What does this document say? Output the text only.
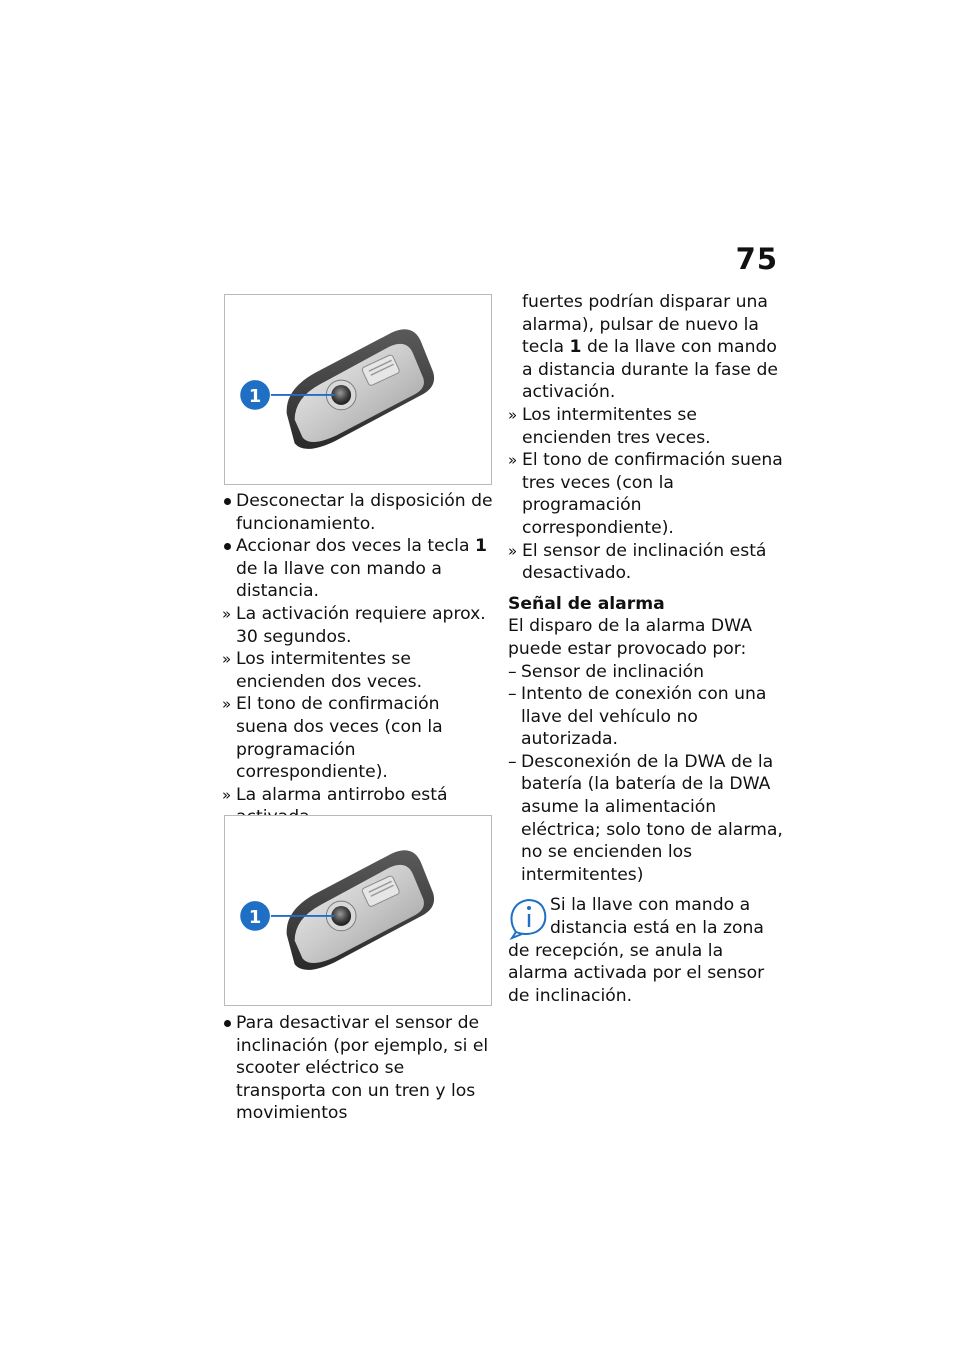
75
1
Desconectar la disposición de funcionamiento.
Accionar dos veces la tecla 1 de la llave con mando a distancia.
» La activación requiere aprox. 30 segundos.
» Los intermitentes se encienden dos veces.
» El tono de confirmación suena dos veces (con la programación correspondiente).
» La alarma antirrobo está
1
Para desactivar el sensor de inclinación (por ejemplo, si el scooter eléctrico se transporta con un tren y los movimientos
fuertes podrían disparar una alarma), pulsar de nuevo la tecla 1 de la llave con mando a distancia durante la fase de activación.
» Los intermitentes se encienden tres veces.
» El tono de confirmación suena tres veces (con la programación correspondiente).
» El sensor de inclinación está desactivado.
Señal de alarma
El disparo de la alarma DWA puede estar provocado por:
– Sensor de inclinación
– Intento de conexión con una llave del vehículo no autorizada.
– Desconexión de la DWA de la batería (la batería de la DWA asume la alimentación eléctrica; solo tono de alarma, no se encienden los intermitentes)
Si la llave con mando a distancia está en la zona de recepción, se anula la alarma activada por el sensor de inclinación.
